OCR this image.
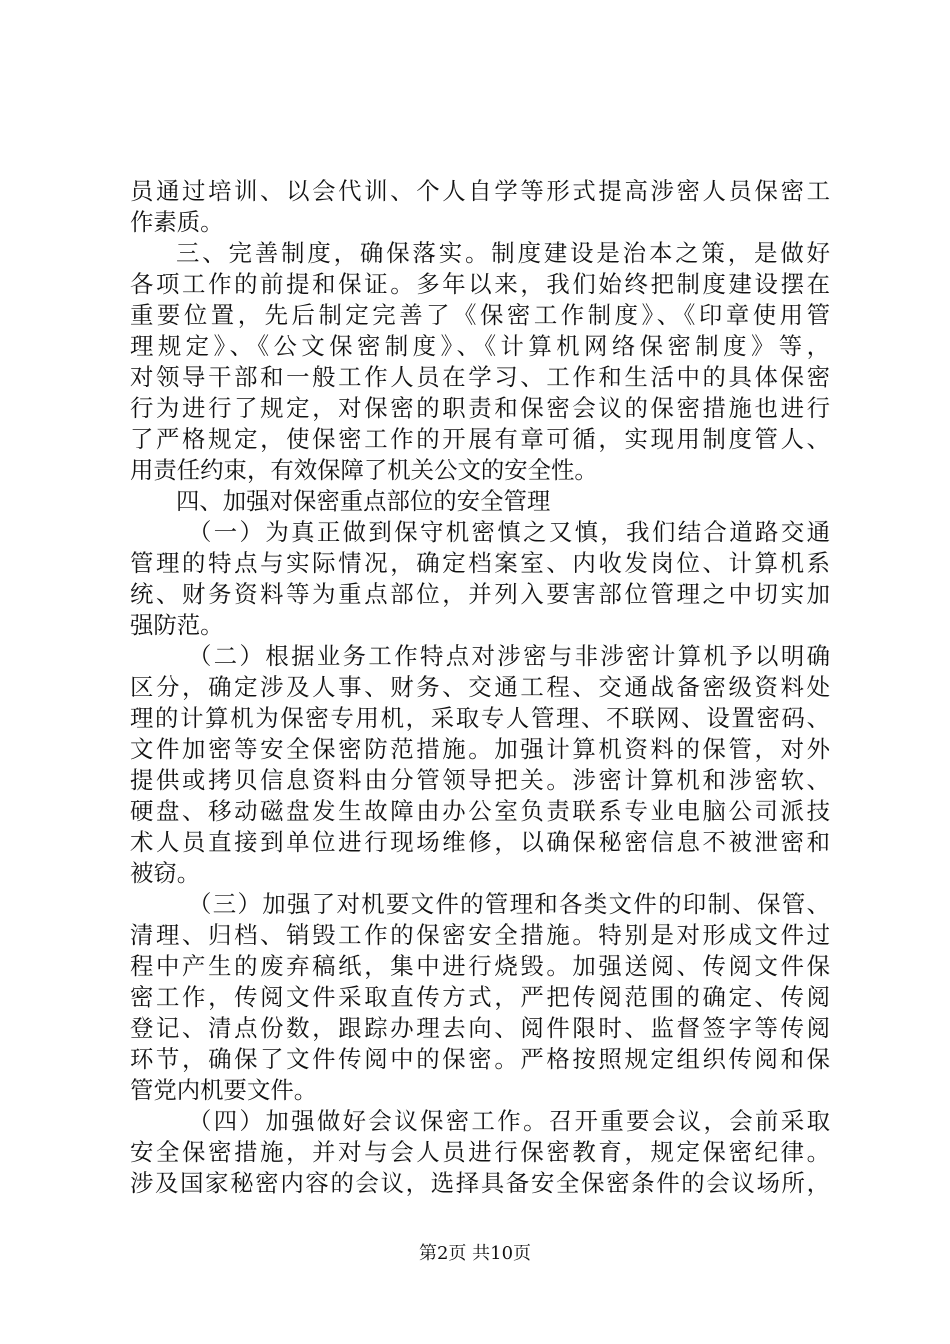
员通过培训、以会代训、个人自学等形式提高涉密人员保密工
作素质。
三、完善制度，确保落实。制度建设是治本之策，是做好
各项工作的前提和保证。多年以来，我们始终把制度建设摆在
重要位置，先后制定完善了《保密工作制度》、《印章使用管
理规定》、《公文保密制度》、《计算机网络保密制度》等，
对领导干部和一般工作人员在学习、工作和生活中的具体保密
行为进行了规定，对保密的职责和保密会议的保密措施也进行
了严格规定，使保密工作的开展有章可循，实现用制度管人、
用责任约束，有效保障了机关公文的安全性。
四、加强对保密重点部位的安全管理
（一）为真正做到保守机密慎之又慎，我们结合道路交通
管理的特点与实际情况，确定档案室、内收发岗位、计算机系
统、财务资料等为重点部位，并列入要害部位管理之中切实加
强防范。
（二）根据业务工作特点对涉密与非涉密计算机予以明确
区分，确定涉及人事、财务、交通工程、交通战备密级资料处
理的计算机为保密专用机，采取专人管理、不联网、设置密码、
文件加密等安全保密防范措施。加强计算机资料的保管，对外
提供或拷贝信息资料由分管领导把关。涉密计算机和涉密软、
硬盘、移动磁盘发生故障由办公室负责联系专业电脑公司派技
术人员直接到单位进行现场维修，以确保秘密信息不被泄密和
被窃。
（三）加强了对机要文件的管理和各类文件的印制、保管、
清理、归档、销毁工作的保密安全措施。特别是对形成文件过
程中产生的废弃稿纸，集中进行烧毁。加强送阅、传阅文件保
密工作，传阅文件采取直传方式，严把传阅范围的确定、传阅
登记、清点份数，跟踪办理去向、阅件限时、监督签字等传阅
环节，确保了文件传阅中的保密。严格按照规定组织传阅和保
管党内机要文件。
（四）加强做好会议保密工作。召开重要会议，会前采取
安全保密措施，并对与会人员进行保密教育，规定保密纪律。
涉及国家秘密内容的会议，选择具备安全保密条件的会议场所，
第2页 共10页
